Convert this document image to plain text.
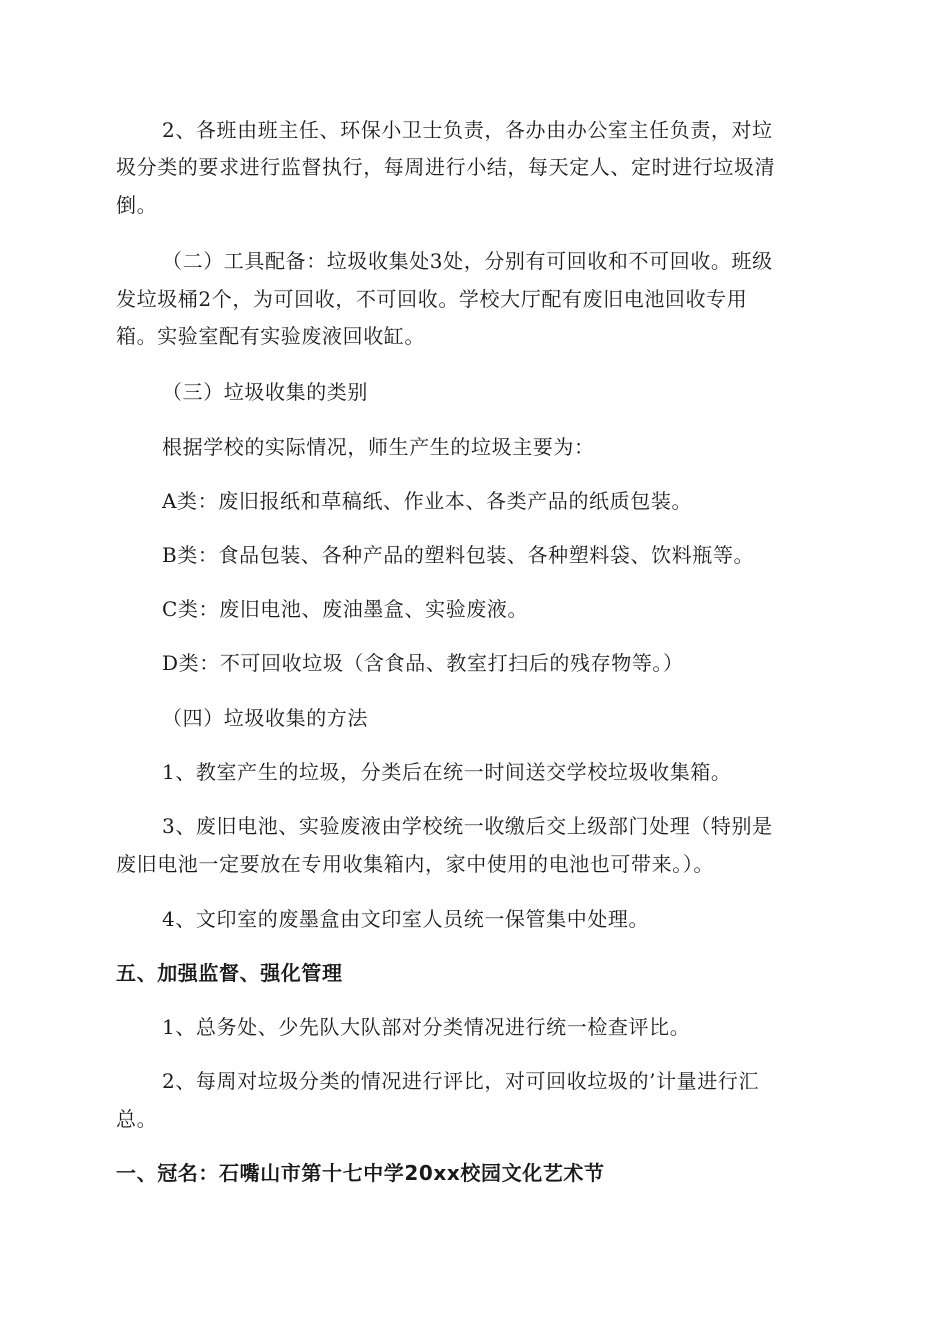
2、各班由班主任、环保小卫士负责，各办由办公室主任负责，对垃
圾分类的要求进行监督执行，每周进行小结，每天定人、定时进行垃圾清
倒。
（二）工具配备：垃圾收集处3处，分别有可回收和不可回收。班级
发垃圾桶2个，为可回收，不可回收。学校大厅配有废旧电池回收专用
箱。实验室配有实验废液回收缸。
（三）垃圾收集的类别
根据学校的实际情况，师生产生的垃圾主要为：
A类：废旧报纸和草稿纸、作业本、各类产品的纸质包装。
B类：食品包装、各种产品的塑料包装、各种塑料袋、饮料瓶等。
C类：废旧电池、废油墨盒、实验废液。
D类：不可回收垃圾（含食品、教室打扫后的残存物等。）
（四）垃圾收集的方法
1、教室产生的垃圾，分类后在统一时间送交学校垃圾收集箱。
3、废旧电池、实验废液由学校统一收缴后交上级部门处理（特别是
废旧电池一定要放在专用收集箱内，家中使用的电池也可带来。）。
4、文印室的废墨盒由文印室人员统一保管集中处理。
五、加强监督、强化管理
1、总务处、少先队大队部对分类情况进行统一检查评比。
2、每周对垃圾分类的情况进行评比，对可回收垃圾的’计量进行汇
总。
一、冠名：石嘴山市第十七中学20xx校园文化艺术节
